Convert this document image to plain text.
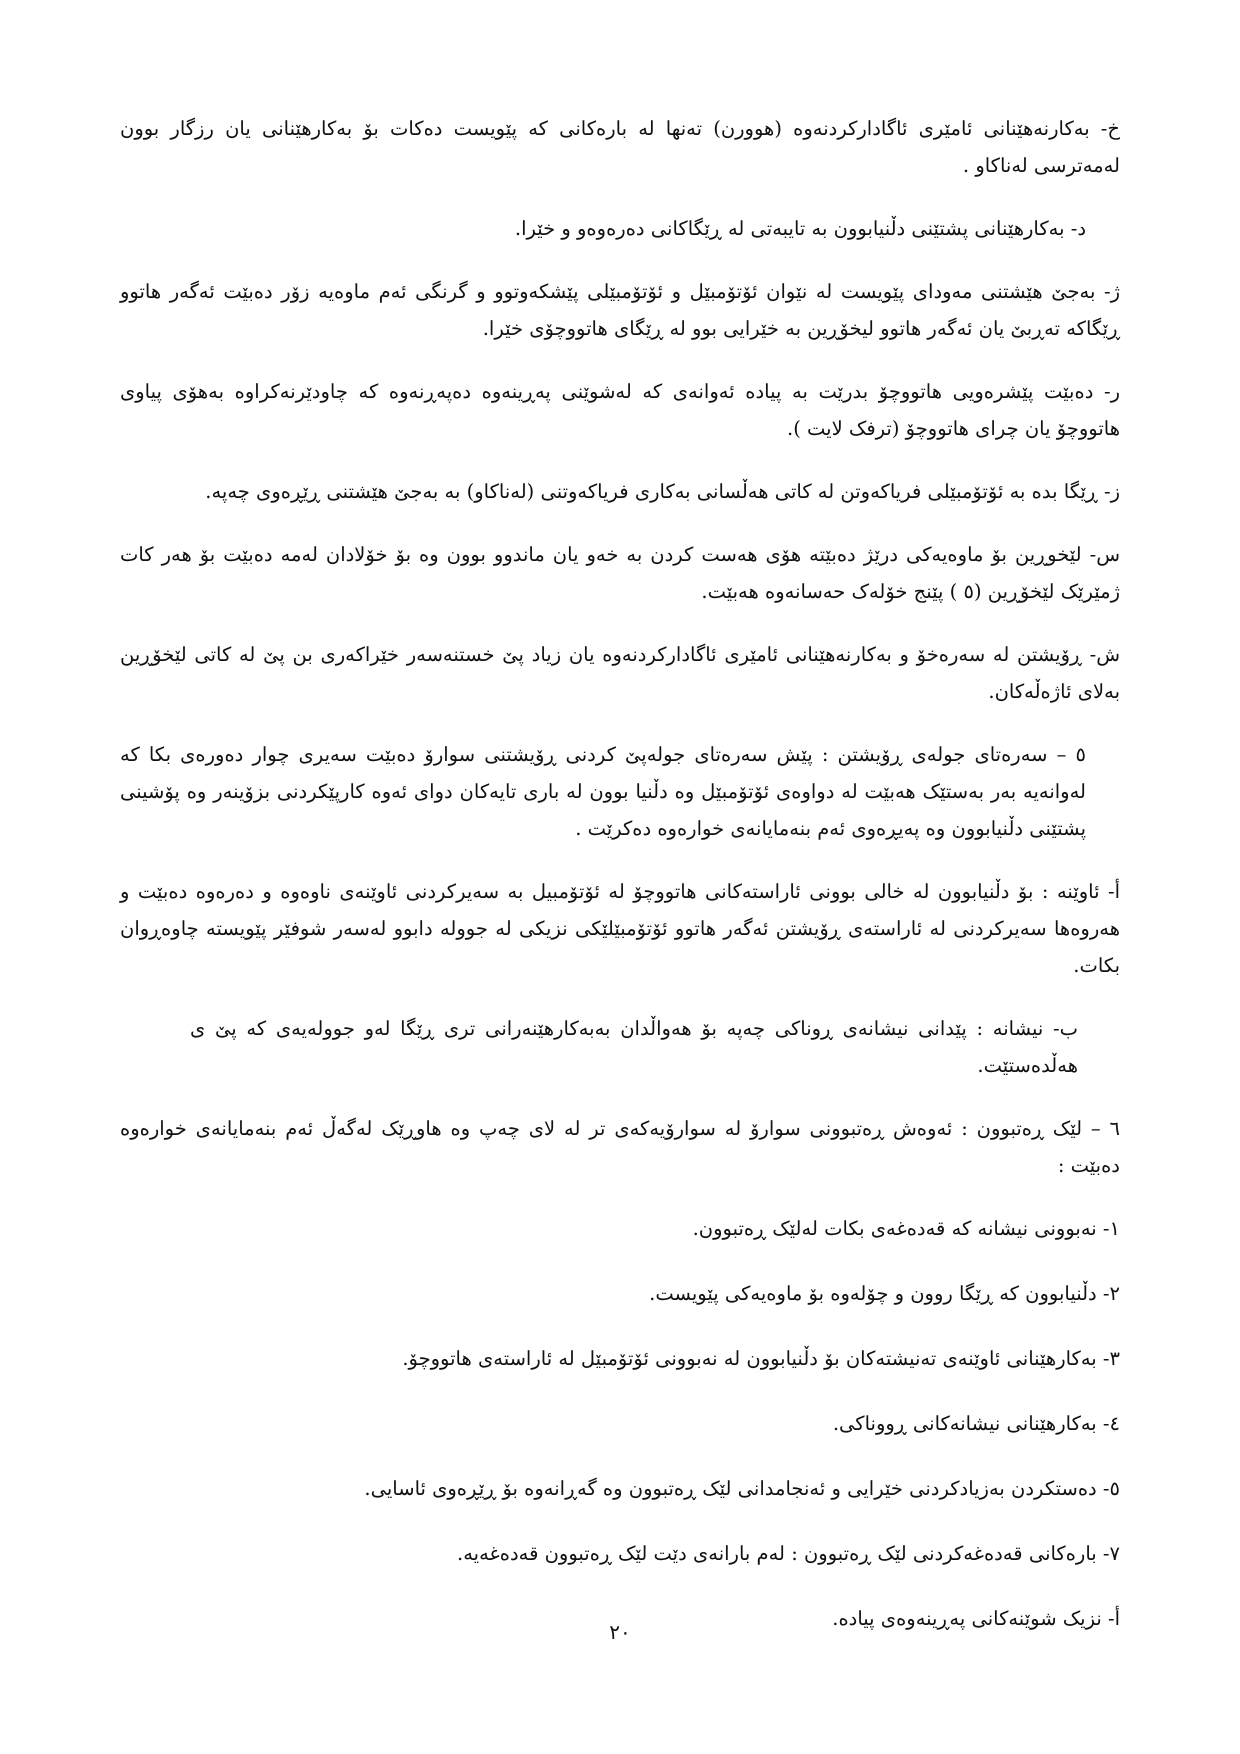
خ- بەکارنەهێنانی ئامێری ئاگادارکردنەوە (هوورن) تەنها لە بارەکانی کە پێویست دەکات بۆ بەکارهێنانی یان رزگار بوون لەمەترسی لەناکاو .

د- بەکارهێنانی پشتێنی دڵنیابوون بە تایبەتی لە ڕێگاکانی دەرەوەو و خێرا.

ژ- بەجێ هێشتنی مەودای پێویست لە نێوان ئۆتۆمبێل و ئۆتۆمبێلی پێشکەوتوو و گرنگی ئەم ماوەیە زۆر دەبێت ئەگەر هاتوو ڕێگاکە تەڕبێ یان ئەگەر هاتوو لیخۆڕین بە خێرایی بوو لە ڕێگای هاتووچۆی خێرا.

ر- دەبێت پێشرەویی هاتووچۆ بدرێت بە پیادە ئەوانەی کە لەشوێنی پەڕینەوە دەپەڕنەوە کە چاودێرنەکراوە بەهۆی پیاوی هاتووچۆ یان چرای هاتووچۆ (ترفک لایت ).

ز- ڕێگا بدە بە ئۆتۆمبێلی فریاکەوتن لە کاتی هەڵسانی بەکاری فریاکەوتنی (لەناکاو) بە بەجێ هێشتنی ڕێڕەوی چەپە.

س- لێخوڕین بۆ ماوەیەکی درێژ دەبێتە هۆی هەست کردن بە خەو یان ماندوو بوون وە بۆ خۆلادان لەمە دەبێت بۆ هەر کات ژمێرێک لێخۆڕین (٥ ) پێنج خۆلەک حەسانەوە هەبێت.

ش- ڕۆیشتن لە سەرەخۆ و بەکارنەهێنانی ئامێری ئاگادارکردنەوە یان زیاد پێ خستنەسەر خێراکەری بن پێ لە کاتی لێخۆڕین بەلای ئاژەڵەکان.

٥ – سەرەتای جولەی ڕۆیشتن : پێش سەرەتای جولەپێ کردنی ڕۆیشتنی سوارۆ دەبێت سەیری چوار دەورەی بکا کە لەوانەیە بەر بەستێک هەبێت لە دواوەی ئۆتۆمبێل وە دڵنیا بوون لە باری تایەکان دوای ئەوە کارپێکردنی بزۆینەر وە پۆشینی پشتێنی دڵنیابوون وە پەیڕەوی ئەم بنەمایانەی خوارەوە دەکرێت .

أ- ئاوێنە : بۆ دڵنیابوون لە خالی بوونی ئاراستەکانی هاتووچۆ لە ئۆتۆمبیل بە سەیرکردنی ئاوێنەی ناوەوە و دەرەوە دەبێت و هەروەها سەیرکردنی لە ئاراستەی ڕۆیشتن ئەگەر هاتوو ئۆتۆمبێلێکی نزیکی لە جوولە دابوو لەسەر شوفێر پێویستە چاوەڕوان بکات.

ب- نیشانە : پێدانی نیشانەی ڕوناکی چەپە بۆ هەواڵدان بەبەکارهێنەرانی تری ڕێگا لەو جوولەیەی کە پێ ی هەڵدەستێت.

٦ – لێک ڕەتبوون : ئەوەش ڕەتبوونی سوارۆ لە سوارۆیەکەی تر لە لای چەپ وە هاوڕێک لەگەڵ ئەم بنەمایانەی خوارەوە دەبێت :

١- نەبوونی نیشانە کە قەدەغەی بکات لەلێک ڕەتبوون.

٢- دڵنیابوون کە ڕێگا روون و چۆلەوە بۆ ماوەیەکی پێویست.

٣- بەکارهێنانی ئاوێنەی تەنیشتەکان بۆ دڵنیابوون لە نەبوونی ئۆتۆمبێل لە ئاراستەی هاتووچۆ.

٤- بەکارهێنانی نیشانەکانی ڕووناکی.

٥- دەستکردن بەزیادکردنی خێرایی و ئەنجامدانی لێک ڕەتبوون وە گەڕانەوە بۆ ڕێڕەوی ئاسایی.

٧- بارەکانی قەدەغەکردنی لێک ڕەتبوون : لەم بارانەی دێت لێک ڕەتبوون قەدەغەیە.

أ- نزیک شوێنەکانی پەڕینەوەی پیادە.

٢٠
